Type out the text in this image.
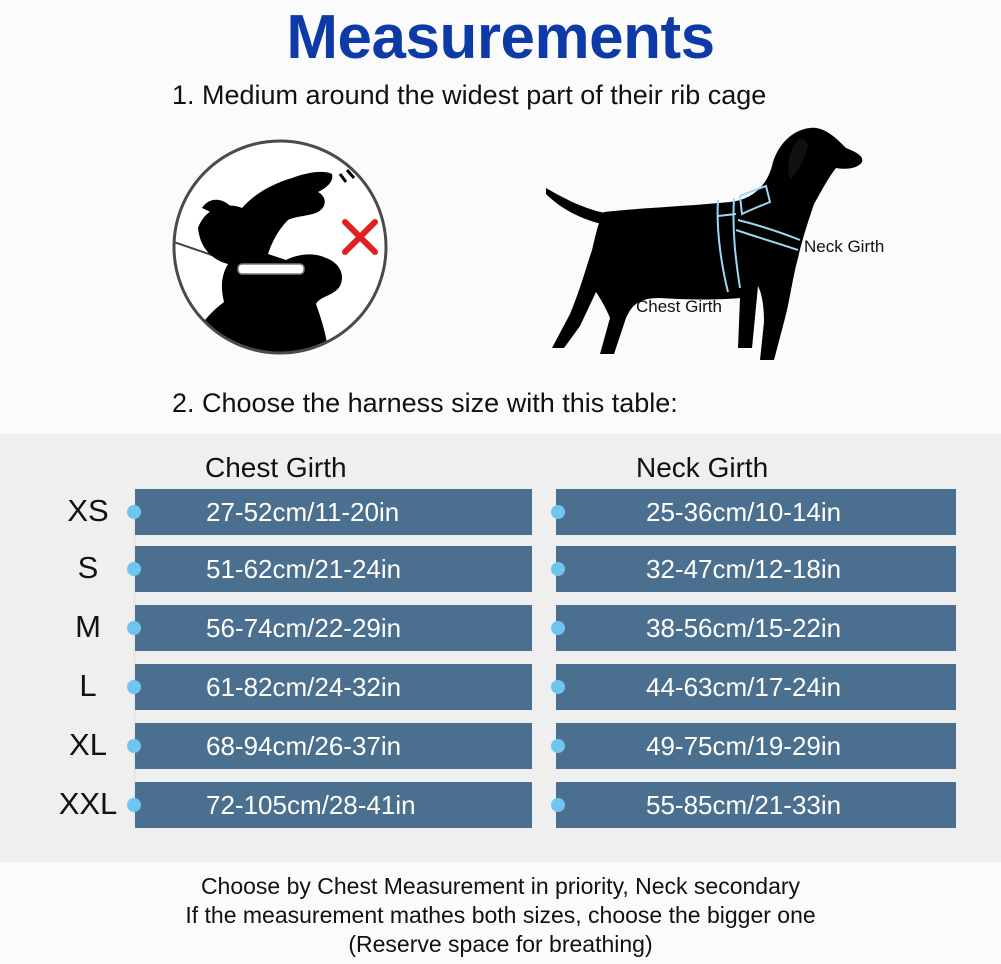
Measurements
1. Medium around the widest part of their rib cage
Neck Girth
Chest Girth
2. Choose the harness size with this table:
Chest Girth	Neck Girth
XS	27-52cm/11-20in	25-36cm/10-14in
S	51-62cm/21-24in	32-47cm/12-18in
M	56-74cm/22-29in	38-56cm/15-22in
L	61-82cm/24-32in	44-63cm/17-24in
XL	68-94cm/26-37in	49-75cm/19-29in
XXL	72-105cm/28-41in	55-85cm/21-33in
Choose by Chest Measurement in priority, Neck secondary
If the measurement mathes both sizes, choose the bigger one
(Reserve space for breathing)
